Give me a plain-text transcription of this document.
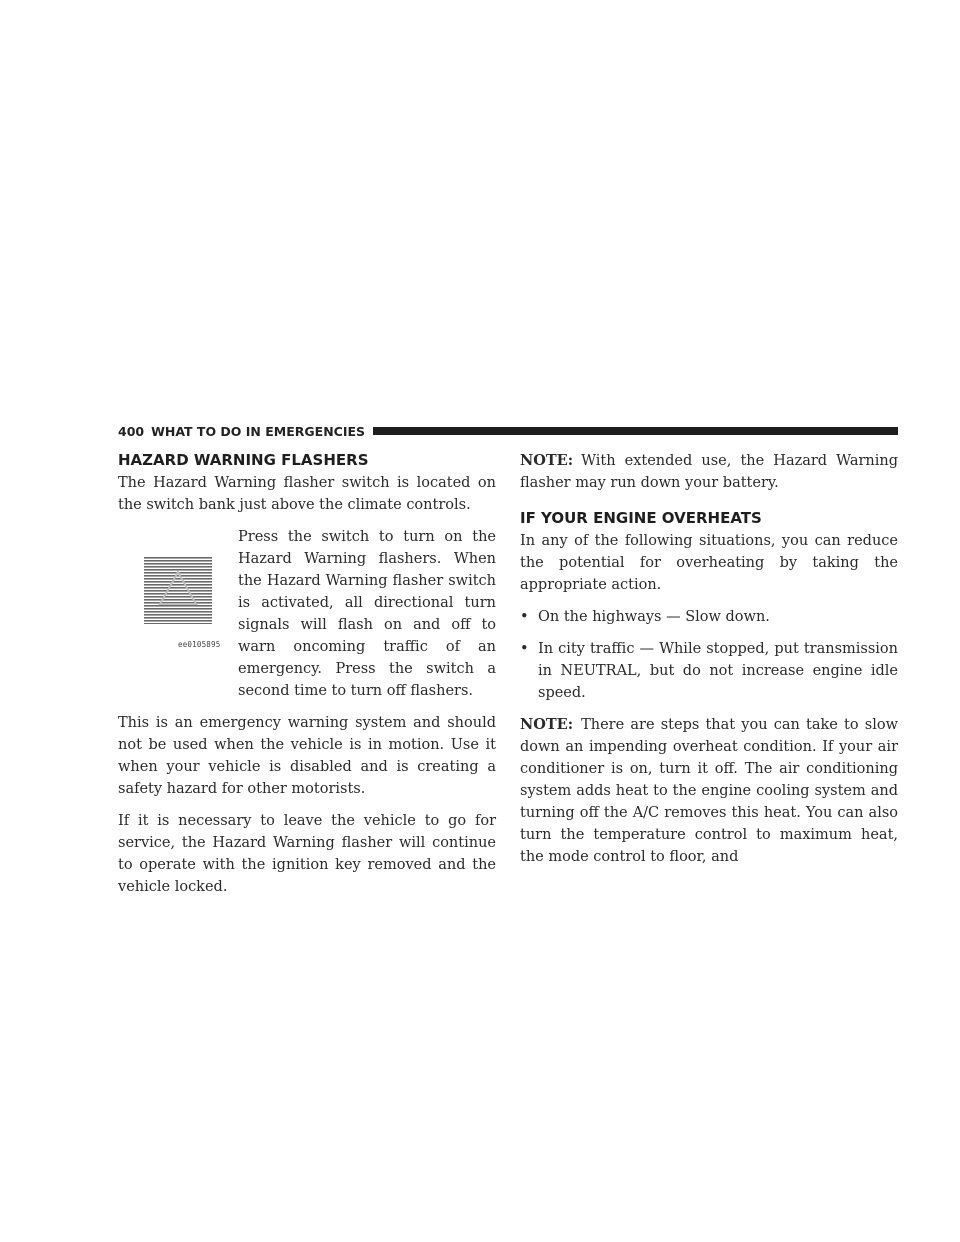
400 WHAT TO DO IN EMERGENCIES
HAZARD WARNING FLASHERS

The Hazard Warning flasher switch is located on the switch bank just above the climate controls.

ee0105895
Press the switch to turn on the Hazard Warning flashers. When the Hazard Warning flasher switch is activated, all directional turn signals will flash on and off to warn oncoming traffic of an emergency. Press the switch a second time to turn off flashers.

This is an emergency warning system and should not be used when the vehicle is in motion. Use it when your vehicle is disabled and is creating a safety hazard for other motorists.

If it is necessary to leave the vehicle to go for service, the Hazard Warning flasher will continue to operate with the ignition key removed and the vehicle locked.

NOTE: With extended use, the Hazard Warning flasher may run down your battery.

IF YOUR ENGINE OVERHEATS

In any of the following situations, you can reduce the potential for overheating by taking the appropriate action.

• On the highways — Slow down.
• In city traffic — While stopped, put transmission in NEUTRAL, but do not increase engine idle speed.

NOTE: There are steps that you can take to slow down an impending overheat condition. If your air conditioner is on, turn it off. The air conditioning system adds heat to the engine cooling system and turning off the A/C removes this heat. You can also turn the temperature control to maximum heat, the mode control to floor, and
